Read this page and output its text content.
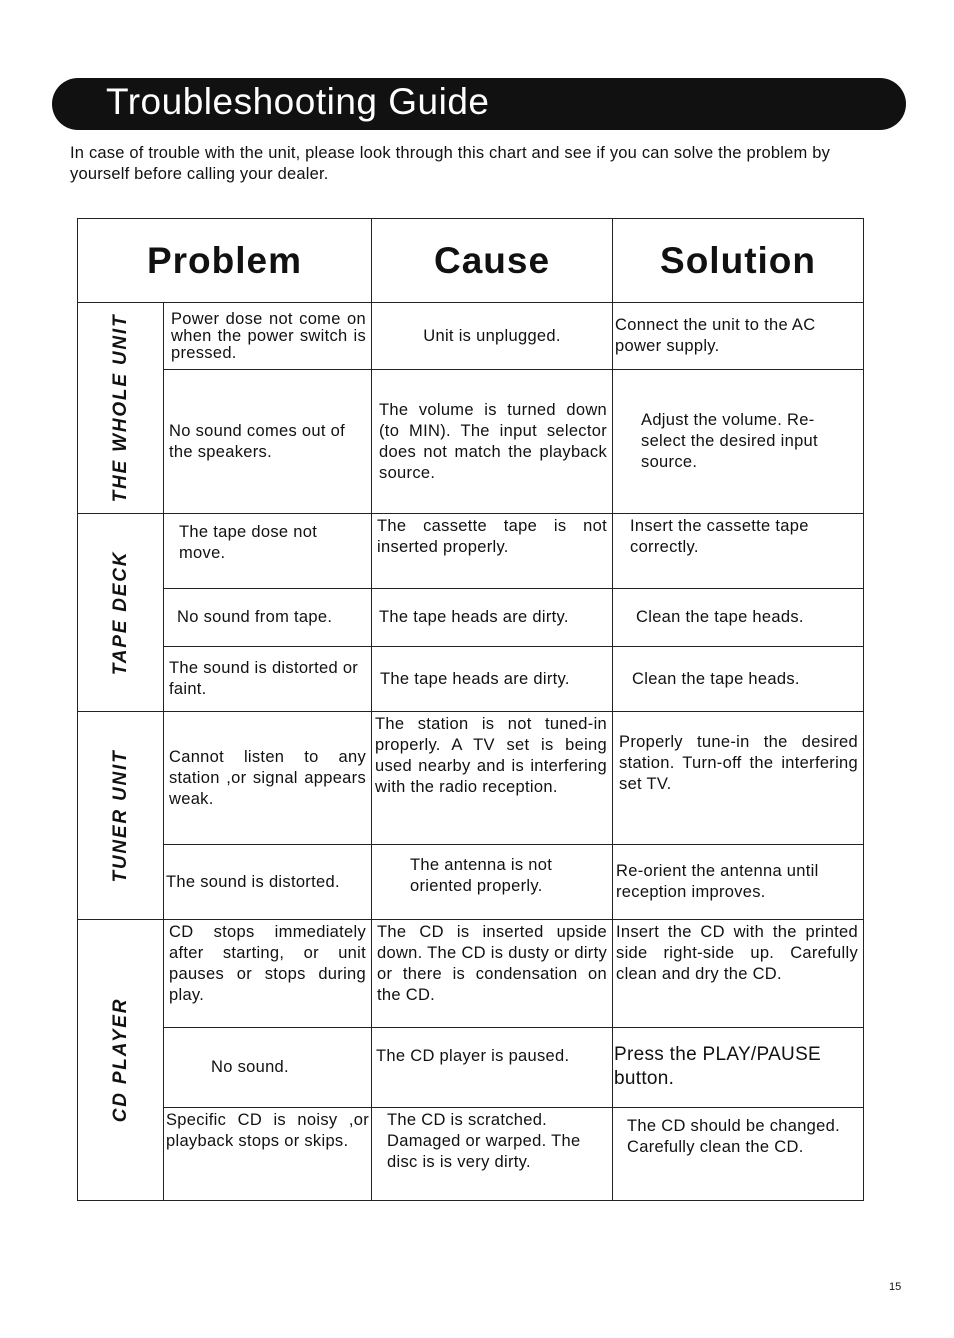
Troubleshooting Guide
In case of trouble with the unit, please look through this chart and see if you can solve the problem by yourself before calling your dealer.
Problem		Cause	Solution

THE WHOLE UNIT	Power dose not come on when the power switch is pressed.	Unit is unplugged.	Connect the unit to the AC power supply.
	No sound comes out of the speakers.	The volume is turned down (to MIN). The input selector does not match the playback source.	Adjust the volume. Re-select the desired input source.

TAPE DECK	The tape dose not move.	The cassette tape is not inserted properly.	Insert the cassette tape correctly.
	No sound from tape.	The tape heads are dirty.	Clean the tape heads.
	The sound is distorted or faint.	The tape heads are dirty.	Clean the tape heads.

TUNER UNIT	Cannot listen to any station ,or signal appears weak.	The station is not tuned-in properly. A TV set is being used nearby and is interfering with the radio reception.	Properly tune-in the desired station. Turn-off the interfering set TV.
	The sound is distorted.	The antenna is not oriented properly.	Re-orient the antenna until reception improves.

CD PLAYER	CD stops immediately after starting, or unit pauses or stops during play.	The CD is inserted upside down. The CD is dusty or dirty or there is condensation on the CD.	Insert the CD with the printed side right-side up. Carefully clean and dry the CD.
	No sound.	The CD player is paused.	Press the PLAY/PAUSE button.
	Specific CD is noisy ,or playback stops or skips.	The CD is scratched. Damaged or warped. The disc is is very dirty.	The CD should be changed. Carefully clean the CD.
15
